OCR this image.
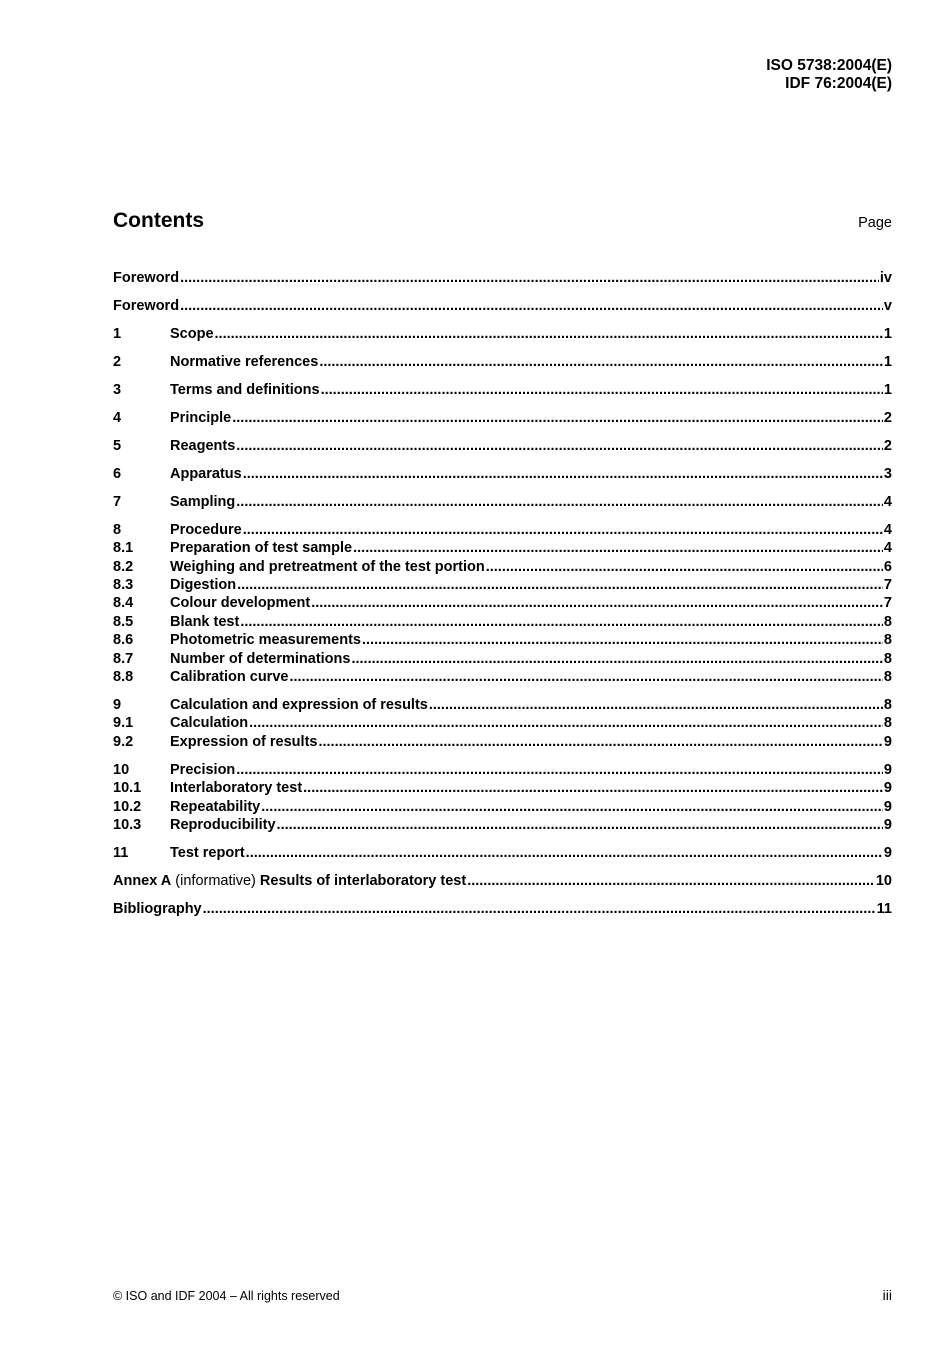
ISO 5738:2004(E)
IDF 76:2004(E)
Contents	Page
Foreword .....	iv
Foreword .....	v
1	Scope .....	1
2	Normative references .....	1
3	Terms and definitions .....	1
4	Principle .....	2
5	Reagents .....	2
6	Apparatus .....	3
7	Sampling .....	4
8	Procedure .....	4
8.1	Preparation of test sample .....	4
8.2	Weighing and pretreatment of the test portion .....	6
8.3	Digestion .....	7
8.4	Colour development .....	7
8.5	Blank test .....	8
8.6	Photometric measurements .....	8
8.7	Number of determinations .....	8
8.8	Calibration curve .....	8
9	Calculation and expression of results .....	8
9.1	Calculation .....	8
9.2	Expression of results .....	9
10	Precision .....	9
10.1	Interlaboratory test .....	9
10.2	Repeatability .....	9
10.3	Reproducibility .....	9
11	Test report .....	9
Annex A (informative) Results of interlaboratory test .....	10
Bibliography .....	11
© ISO and IDF 2004 – All rights reserved	iii
